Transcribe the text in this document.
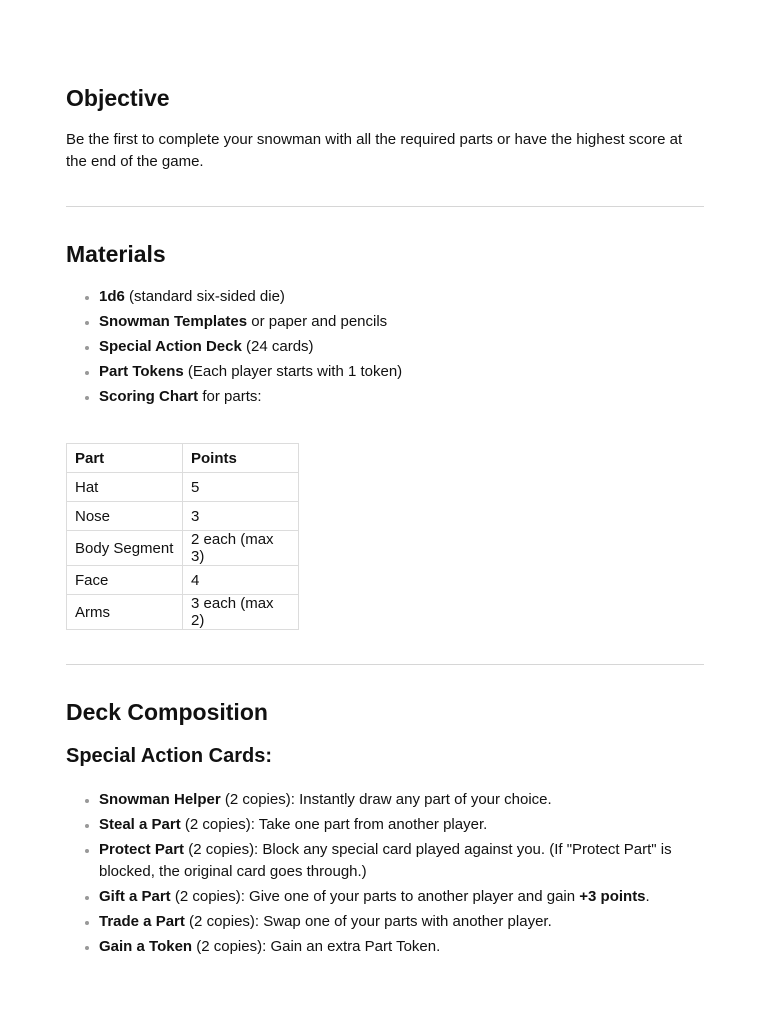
Objective

Be the first to complete your snowman with all the required parts or have the highest score at the end of the game.

Materials
• 1d6 (standard six-sided die)
• Snowman Templates or paper and pencils
• Special Action Deck (24 cards)
• Part Tokens (Each player starts with 1 token)
• Scoring Chart for parts:
Part	Points
Hat	5
Nose	3
Body Segment	2 each (max 3)
Face	4
Arms	3 each (max 2)
Deck Composition
Special Action Cards:
• Snowman Helper (2 copies): Instantly draw any part of your choice.
• Steal a Part (2 copies): Take one part from another player.
• Protect Part (2 copies): Block any special card played against you. (If "Protect Part" is blocked, the original card goes through.)
• Gift a Part (2 copies): Give one of your parts to another player and gain +3 points.
• Trade a Part (2 copies): Swap one of your parts with another player.
• Gain a Token (2 copies): Gain an extra Part Token.
